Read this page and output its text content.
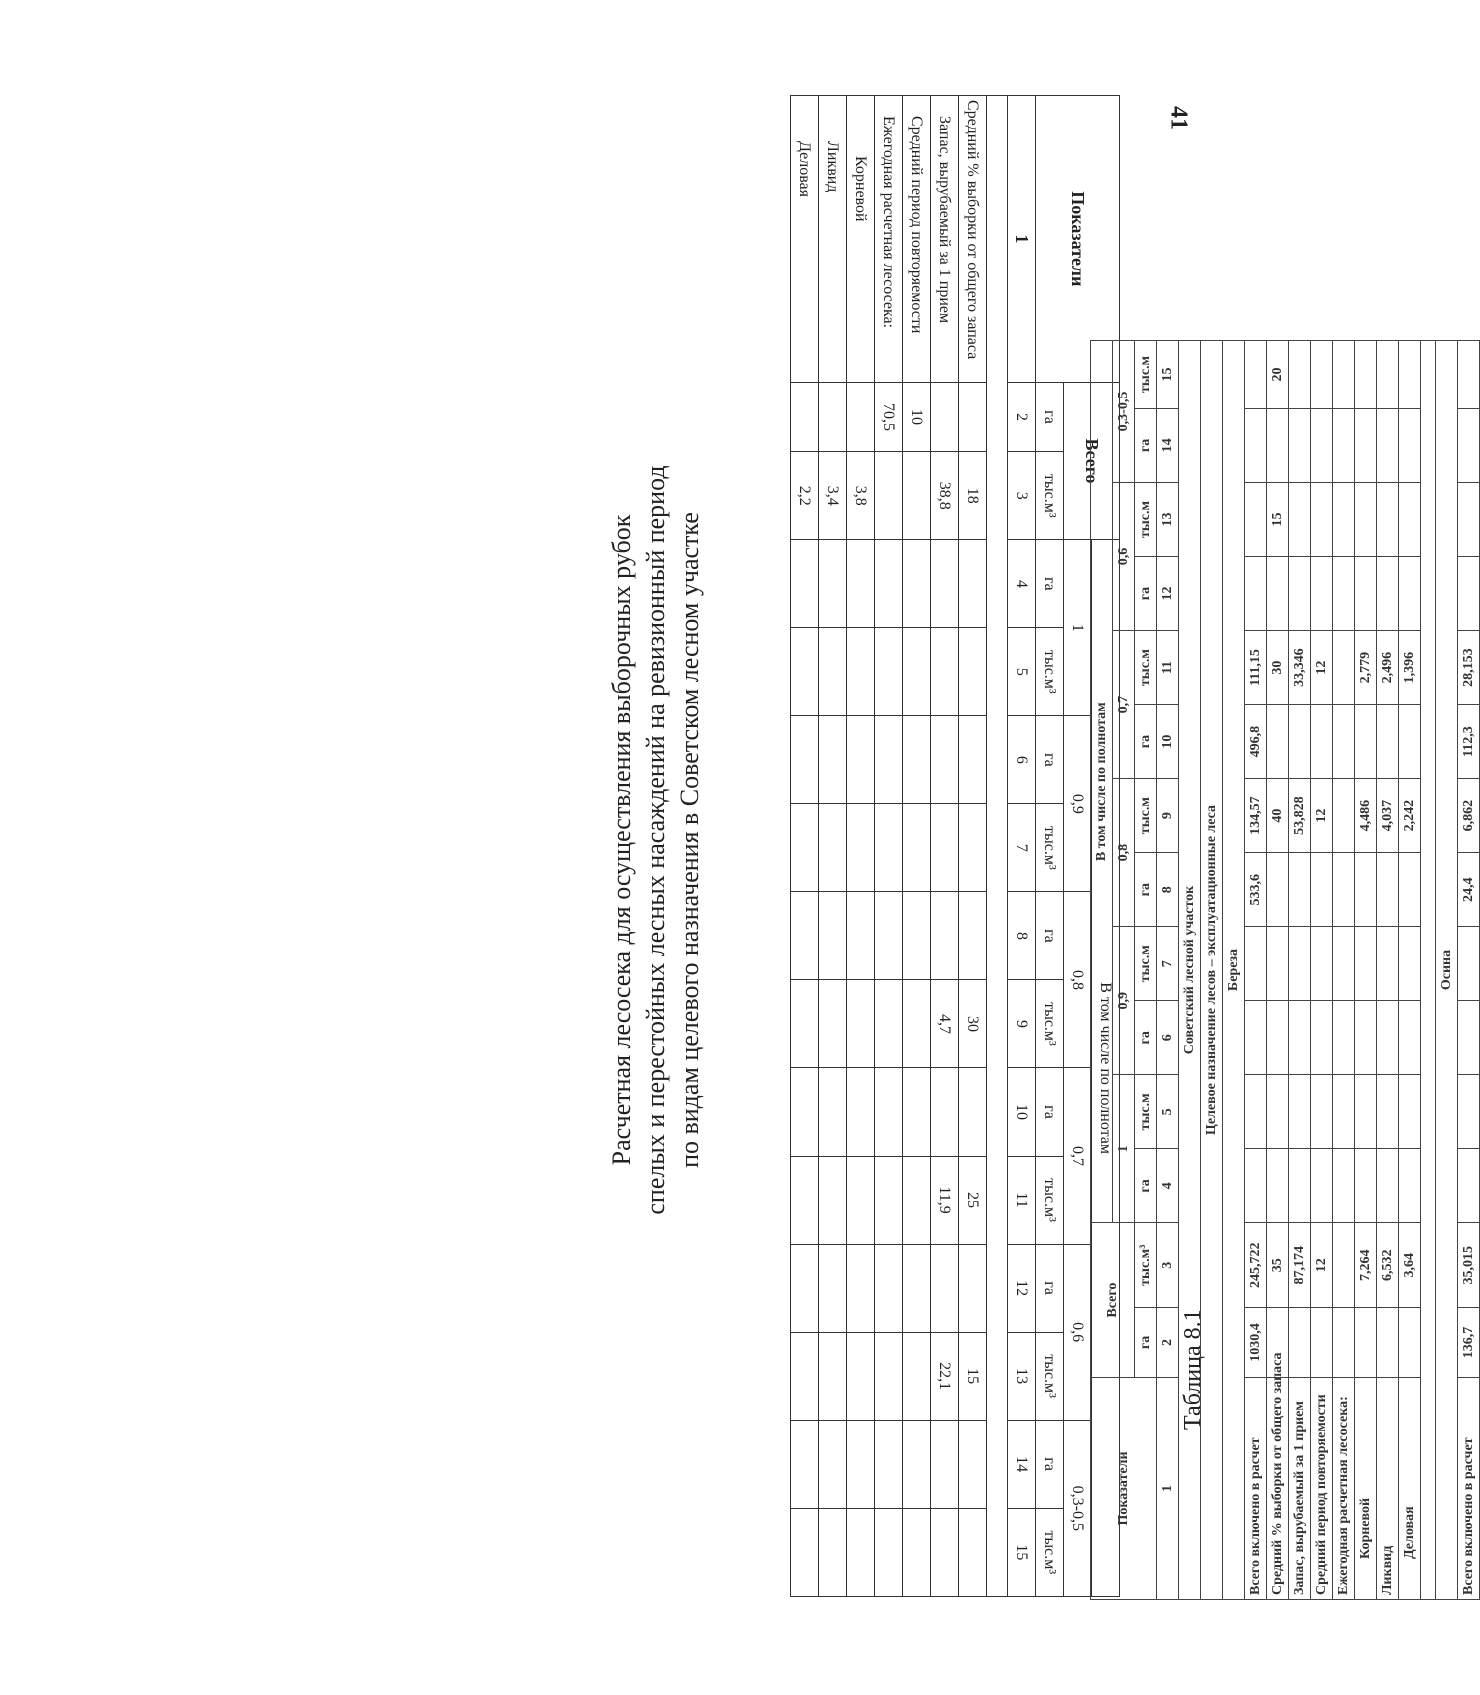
41
Показатели	Всего		В том числе по полнотам											
			1		0,9		0,8		0,7		0,6		0,3-0,5	
	га	тыс.м³	га	тыс.м³	га	тыс.м³	га	тыс.м³	га	тыс.м³	га	тыс.м³	га	тыс.м³
1	2	3	4	5	6	7	8	9	10	11	12	13	14	15

Средний % выборки от общего запаса		18						30		25		15		
Запас, вырубаемый за 1 прием		38,8						4,7		11,9		22,1		
Средний период повторяемости	10													
Ежегодная расчетная лесосека:	70,5													
Корневой		3,8												
Ликвид		3,4												
Деловая		2,2												
Таблица 8.1
Расчетная лесосека для осуществления выборочных рубок спелых и перестойных лесных насаждений на ревизионный период по видам целевого назначения в Советском лесном участке
Показатели	Всего		В том числе по полнотам											
			1		0,9		0,8		0,7		0,6		0,3-0,5	
	га	тыс.м³	га	тыс.м	га	тыс.м	га	тыс.м	га	тыс.м	га	тыс.м	га	тыс.м
1	2	3	4	5	6	7	8	9	10	11	12	13	14	15
Советский лесной участок														
Целевое назначение лесов – эксплуатационные леса														
Береза														
Всего включено в расчет	1030,4	245,722					533,6	134,57	496,8	111,15				
Средний % выборки от общего запаса		35						40		30		15		20
Запас, вырубаемый за 1 прием		87,174						53,828		33,346				
Средний период повторяемости		12						12		12				
Ежегодная расчетная лесосека:														
Корневой		7,264						4,486		2,779				
Ликвид		6,532						4,037		2,496				
Деловая		3,64						2,242		1,396				

Осина														
Всего включено в расчет	136,7	35,015					24,4	6,862	112,3	28,153				
